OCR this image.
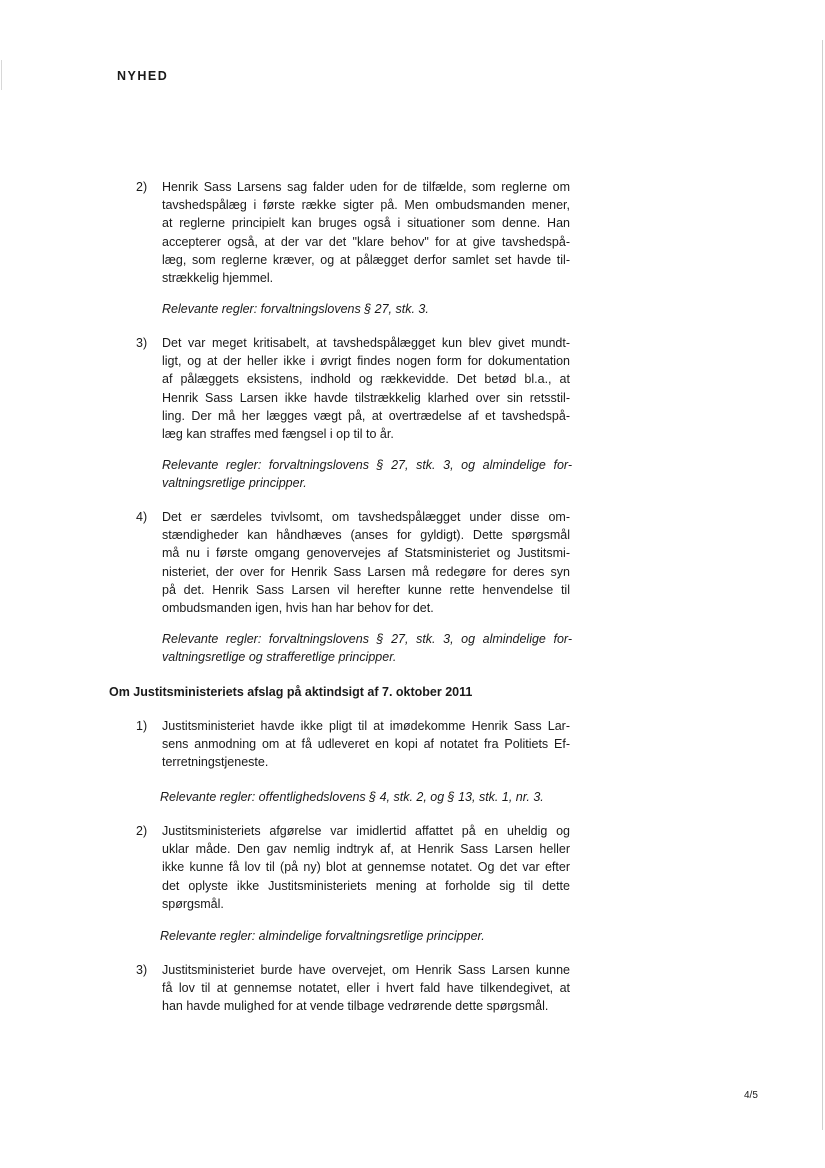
NYHED
2) Henrik Sass Larsens sag falder uden for de tilfælde, som reglerne om
tavshedspålæg i første række sigter på. Men ombudsmanden mener,
at reglerne principielt kan bruges også i situationer som denne. Han
accepterer også, at der var det "klare behov" for at give tavshedspå-
læg, som reglerne kræver, og at pålægget derfor samlet set havde til-
strækkelig hjemmel.
Relevante regler: forvaltningslovens § 27, stk. 3.
3) Det var meget kritisabelt, at tavshedspålægget kun blev givet mundt-
ligt, og at der heller ikke i øvrigt findes nogen form for dokumentation
af pålæggets eksistens, indhold og rækkevidde. Det betød bl.a., at
Henrik Sass Larsen ikke havde tilstrækkelig klarhed over sin retsstil-
ling. Der må her lægges vægt på, at overtrædelse af et tavshedspå-
læg kan straffes med fængsel i op til to år.
Relevante regler: forvaltningslovens § 27, stk. 3, og almindelige for-
valtningsretlige principper.
4) Det er særdeles tvivlsomt, om tavshedspålægget under disse om-
stændigheder kan håndhæves (anses for gyldigt). Dette spørgsmål
må nu i første omgang genovervejes af Statsministeriet og Justitsmi-
nisteriet, der over for Henrik Sass Larsen må redegøre for deres syn
på det. Henrik Sass Larsen vil herefter kunne rette henvendelse til
ombudsmanden igen, hvis han har behov for det.
Relevante regler: forvaltningslovens § 27, stk. 3, og almindelige for-
valtningsretlige og strafferetlige principper.
Om Justitsministeriets afslag på aktindsigt af 7. oktober 2011
1) Justitsministeriet havde ikke pligt til at imødekomme Henrik Sass Lar-
sens anmodning om at få udleveret en kopi af notatet fra Politiets Ef-
terretningstjeneste.
Relevante regler: offentlighedslovens § 4, stk. 2, og § 13, stk. 1, nr. 3.
2) Justitsministeriets afgørelse var imidlertid affattet på en uheldig og
uklar måde. Den gav nemlig indtryk af, at Henrik Sass Larsen heller
ikke kunne få lov til (på ny) blot at gennemse notatet. Og det var efter
det oplyste ikke Justitsministeriets mening at forholde sig til dette
spørgsmål.
Relevante regler: almindelige forvaltningsretlige principper.
3) Justitsministeriet burde have overvejet, om Henrik Sass Larsen kunne
få lov til at gennemse notatet, eller i hvert fald have tilkendegivet, at
han havde mulighed for at vende tilbage vedrørende dette spørgsmål.
4/5
